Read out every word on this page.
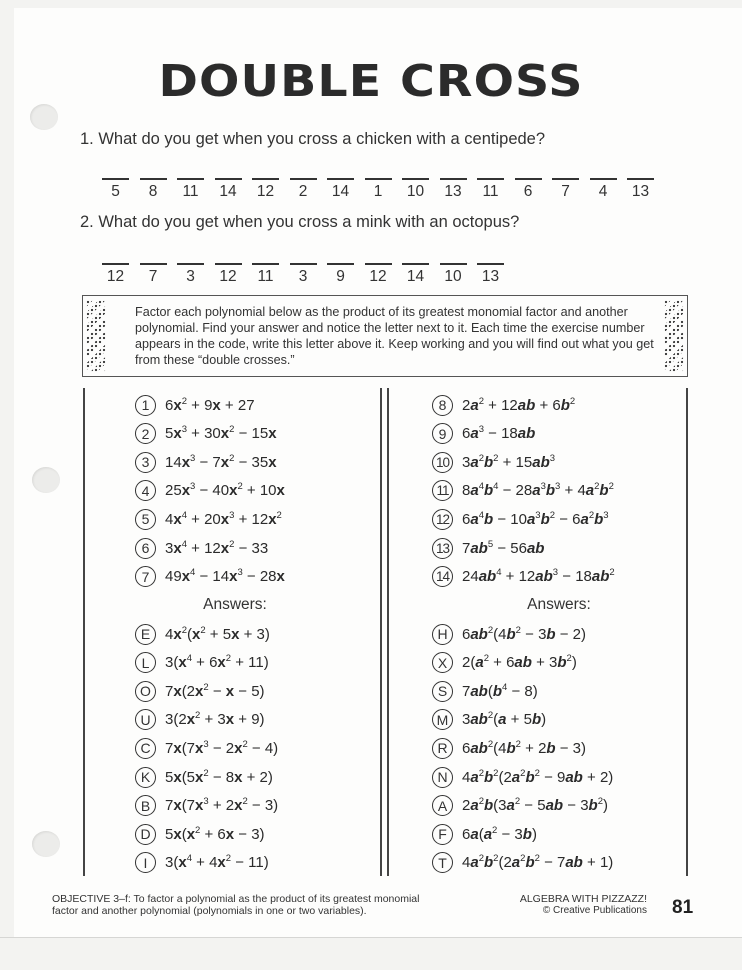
DOUBLE CROSS
1. What do you get when you cross a chicken with a centipede?
5	8	11	14	12	2	14	1	10	13	11	6	7	4	13
2. What do you get when you cross a mink with an octopus?
12	7	3	12	11	3	9	12	14	10	13
Factor each polynomial below as the product of its greatest monomial factor and another polynomial. Find your answer and notice the letter next to it. Each time the exercise number appears in the code, write this letter above it. Keep working and you will find out what you get from these “double crosses.”
1	$6x^2 + 9x + 27$
2	$5x^3 + 30x^2 - 15x$
3	$14x^3 - 7x^2 - 35x$
4	$25x^3 - 40x^2 + 10x$
5	$4x^4 + 20x^3 + 12x^2$
6	$3x^4 + 12x^2 - 33$
7	$49x^4 - 14x^3 - 28x$
Answers:
E $4x^2(x^2 + 5x + 3)$
L	$3(x^4 + 6x^2 + 11)$
O $7x(2x^2 - x - 5)$
U $3(2x^2 + 3x + 9)$
C $7x(7x^3 - 2x^2 - 4)$
K $5x(5x^2 - 8x + 2)$
B $7x(7x^3 + 2x^2 - 3)$
D $5x(x^2 + 6x - 3)$
I	$3(x^4 + 4x^2 - 11)$
8	$2a^2 + 12ab + 6b^2$
9	$6a^3 - 18ab$
10 $3a^2b^2 + 15ab^3$
11 $8a^4b^4 - 28a^3b^3 + 4a^2b^2$
12 $6a^4b - 10a^3b^2 - 6a^2b^3$
13 $7ab^5 - 56ab$
14 $24ab^4 + 12ab^3 - 18ab^2$
Answers:
H $6ab^2(4b^2 - 3b - 2)$
X $2(a^2 + 6ab + 3b^2)$
S $7ab(b^4 - 8)$
M $3ab^2(a + 5b)$
R $6ab^2(4b^2 + 2b - 3)$
N $4a^2b^2(2a^2b^2 - 9ab + 2)$
A $2a^2b(3a^2 - 5ab - 3b^2)$
F	$6a(a^2 - 3b)$
T	$4a^2b^2(2a^2b^2 - 7ab + 1)$
OBJECTIVE 3–f: To factor a polynomial as the product of its greatest monomial
factor and another polynomial (polynomials in one or two variables).
ALGEBRA WITH PIZZAZZ!
© Creative Publications 81
